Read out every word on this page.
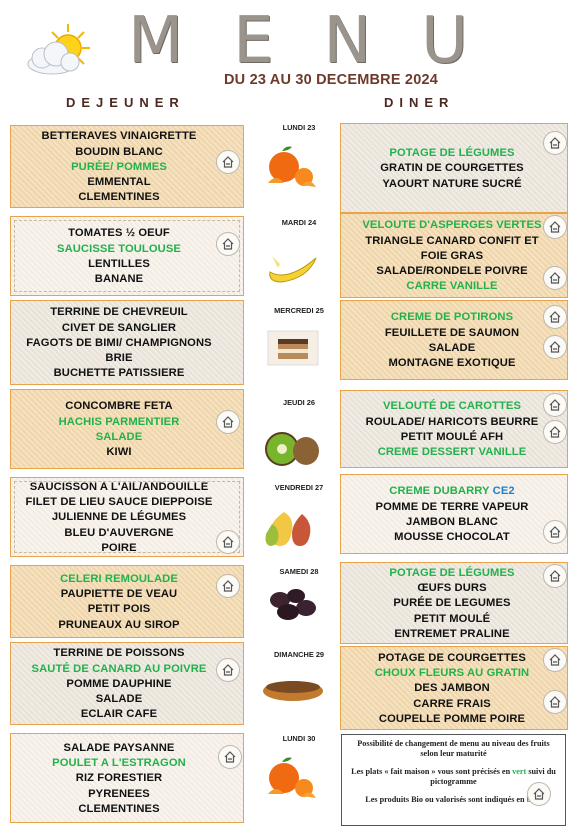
M E N U
DU 23 AU 30 DECEMBRE 2024
DEJEUNER	DINER
BETTERAVES VINAIGRETTE
BOUDIN BLANC
PURÉE/ POMMES
EMMENTAL
CLEMENTINES
POTAGE DE LÉGUMES
GRATIN DE COURGETTES
YAOURT NATURE SUCRÉ
LUNDI 23
TOMATES ½ OEUF
SAUCISSE TOULOUSE
LENTILLES
BANANE
VELOUTE D'ASPERGES VERTES
TRIANGLE CANARD CONFIT ET
FOIE GRAS
SALADE/RONDELE POIVRE
CARRE VANILLE
MARDI 24
TERRINE DE CHEVREUIL
CIVET DE SANGLIER
FAGOTS DE BIMI/ CHAMPIGNONS
BRIE
BUCHETTE PATISSIERE
CREME DE POTIRONS
FEUILLETE DE SAUMON
SALADE
MONTAGNE EXOTIQUE
MERCREDI 25
CONCOMBRE FETA
HACHIS PARMENTIER
SALADE
KIWI
VELOUTÉ DE CAROTTES
ROULADE/ HARICOTS BEURRE
PETIT MOULÉ AFH
CREME DESSERT VANILLE
JEUDI 26
SAUCISSON A L'AIL/ANDOUILLE
FILET DE LIEU SAUCE DIEPPOISE
JULIENNE DE LÉGUMES
BLEU D'AUVERGNE
POIRE
CREME DUBARRY CE2
POMME DE TERRE VAPEUR
JAMBON BLANC
MOUSSE CHOCOLAT
VENDREDI 27
CELERI REMOULADE
PAUPIETTE DE VEAU
PETIT POIS
PRUNEAUX AU SIROP
POTAGE DE LÉGUMES
ŒUFS DURS
PURÉE DE LEGUMES
PETIT MOULÉ
ENTREMET PRALINE
SAMEDI 28
TERRINE DE POISSONS
SAUTÉ DE CANARD AU POIVRE
POMME DAUPHINE
SALADE
ECLAIR CAFE
POTAGE DE COURGETTES
CHOUX FLEURS AU GRATIN
DES JAMBON
CARRE FRAIS
COUPELLE POMME POIRE
DIMANCHE 29
SALADE PAYSANNE
POULET A L'ESTRAGON
RIZ FORESTIER
PYRENEES
CLEMENTINES
LUNDI 30

Possibilité de changement de menu au niveau des fruits selon leur maturité

Les plats « fait maison » vous sont précisés en vert suivi du pictogramme

Les produits Bio ou valorisés sont indiqués en
